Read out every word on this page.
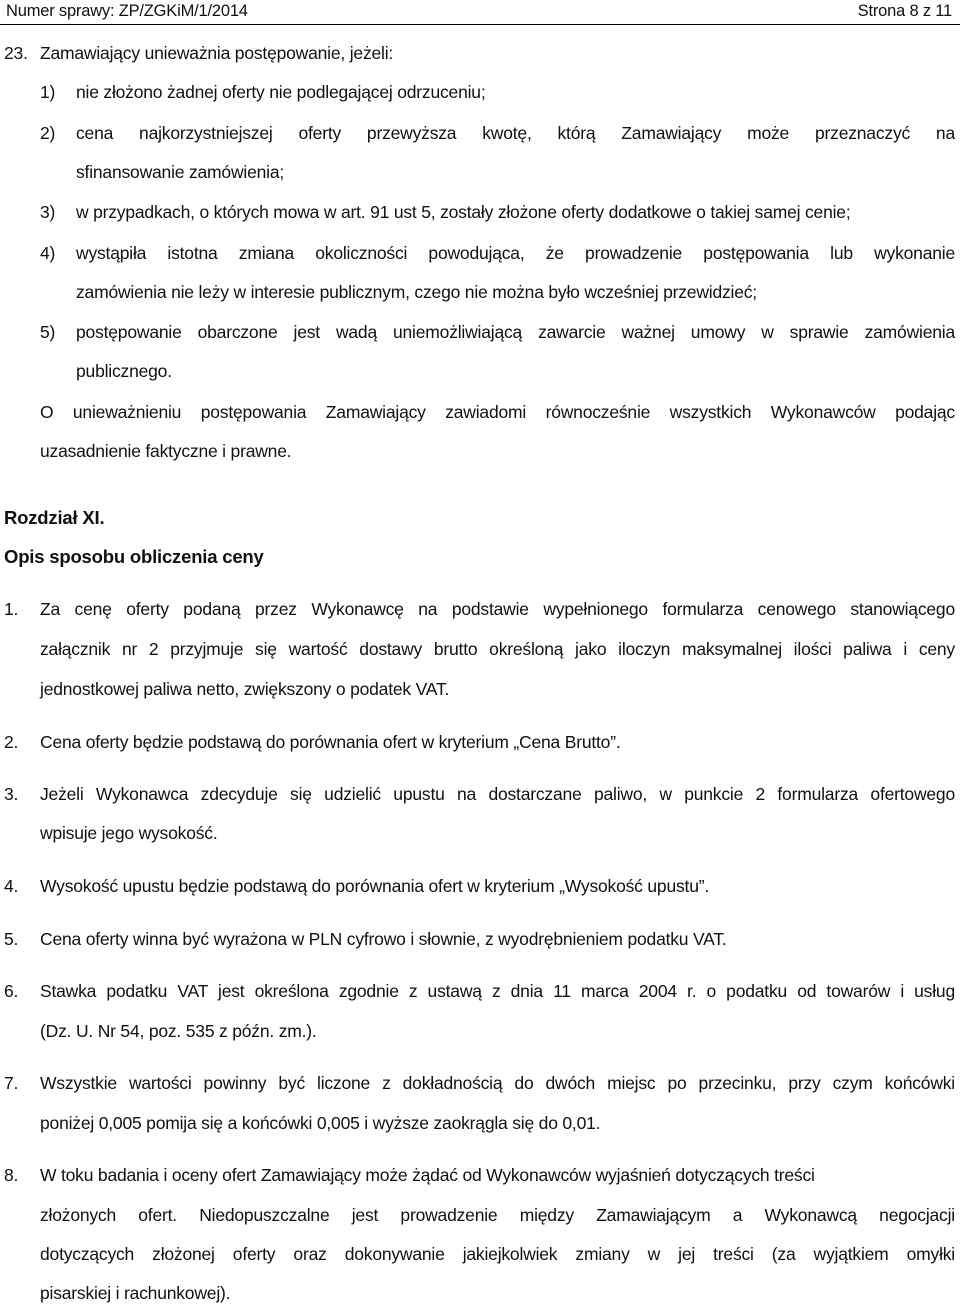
Numer sprawy: ZP/ZGKiM/1/2014	Strona 8 z 11
23. Zamawiający unieważnia postępowanie, jeżeli:
1) nie złożono żadnej oferty nie podlegającej odrzuceniu;
2) cena najkorzystniejszej oferty przewyższa kwotę, którą Zamawiający może przeznaczyć na
sfinansowanie zamówienia;
3) w przypadkach, o których mowa w art. 91 ust 5, zostały złożone oferty dodatkowe o takiej samej cenie;
4) wystąpiła istotna zmiana okoliczności powodująca, że prowadzenie postępowania lub wykonanie
zamówienia nie leży w interesie publicznym, czego nie można było wcześniej przewidzieć;
5) postępowanie obarczone jest wadą uniemożliwiającą zawarcie ważnej umowy w sprawie zamówienia
publicznego.
O unieważnieniu postępowania Zamawiający zawiadomi równocześnie wszystkich Wykonawców podając
uzasadnienie faktyczne i prawne.
Rozdział XI.
Opis sposobu obliczenia ceny
1. Za cenę oferty podaną przez Wykonawcę na podstawie wypełnionego formularza cenowego stanowiącego
załącznik nr 2 przyjmuje się wartość dostawy brutto określoną jako iloczyn maksymalnej ilości paliwa i ceny
jednostkowej paliwa netto, zwiększony o podatek VAT.
2. Cena oferty będzie podstawą do porównania ofert w kryterium „Cena Brutto”.
3. Jeżeli Wykonawca zdecyduje się udzielić upustu na dostarczane paliwo, w punkcie 2 formularza ofertowego
wpisuje jego wysokość.
4. Wysokość upustu będzie podstawą do porównania ofert w kryterium „Wysokość upustu”.
5. Cena oferty winna być wyrażona w PLN cyfrowo i słownie, z wyodrębnieniem podatku VAT.
6. Stawka podatku VAT jest określona zgodnie z ustawą z dnia 11 marca 2004 r. o podatku od towarów i usług
(Dz. U. Nr 54, poz. 535 z późn. zm.).
7. Wszystkie wartości powinny być liczone z dokładnością do dwóch miejsc po przecinku, przy czym końcówki
poniżej 0,005 pomija się a końcówki 0,005 i wyższe zaokrągla się do 0,01.
8. W toku badania i oceny ofert Zamawiający może żądać od Wykonawców wyjaśnień dotyczących treści
złożonych ofert. Niedopuszczalne jest prowadzenie między Zamawiającym a Wykonawcą negocjacji
dotyczących złożonej oferty oraz dokonywanie jakiejkolwiek zmiany w jej treści (za wyjątkiem omyłki
pisarskiej i rachunkowej).
